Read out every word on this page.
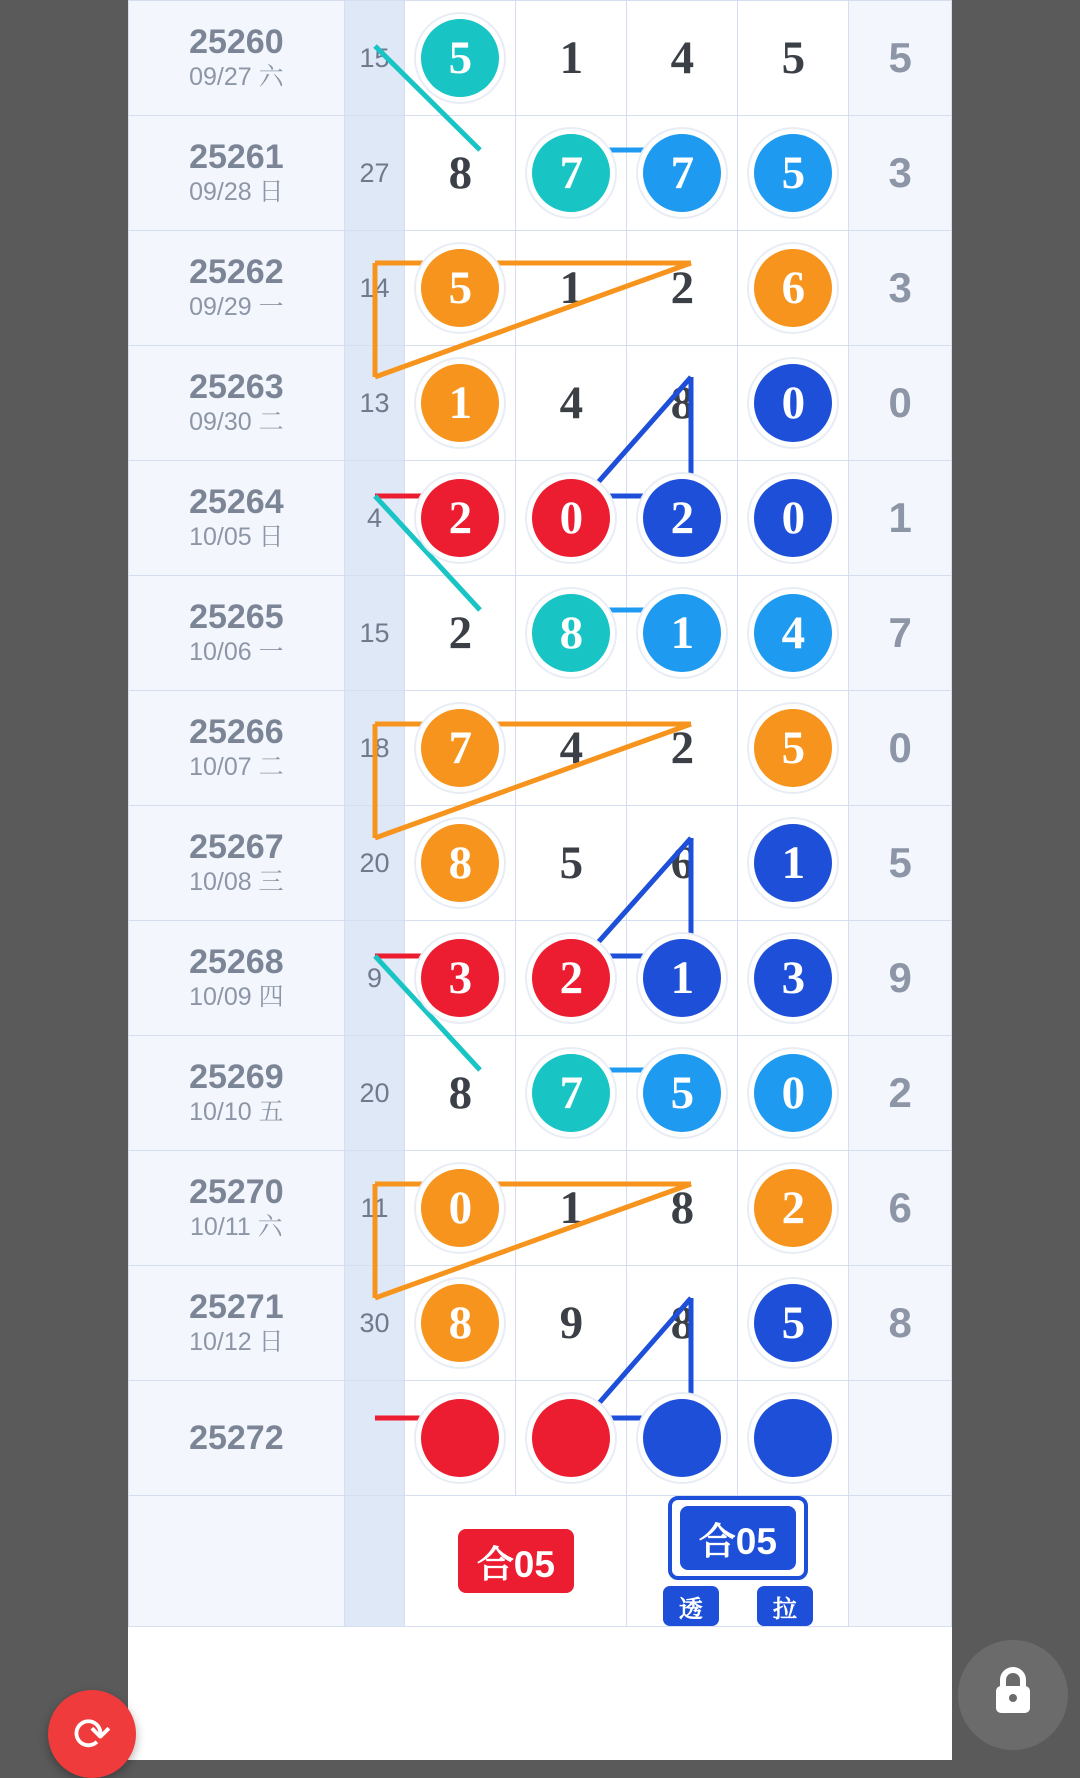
25260
09/27 六	15	5	1	4	5	5

25261
09/28 日	27	8	7	7	5	3

25262
09/29 一	14	5	1	2	6	3

25263
09/30 二	13	1	4	8	0	0

25264
10/05 日	4	2	0	2	0	1

25265
10/06 一	15	2	8	1	4	7

25266
10/07 二	18	7	4	2	5	0

25267
10/08 三	20	8	5	6	1	5

25268
10/09 四	9	3	2	1	3	9

25269
10/10 五	20	8	7	5	0	2

25270
10/11 六	11	0	1	8	2	6

25271
10/12 日	30	8	9	8	5	8

25272						

合05		合05
透 拉		

⟳
